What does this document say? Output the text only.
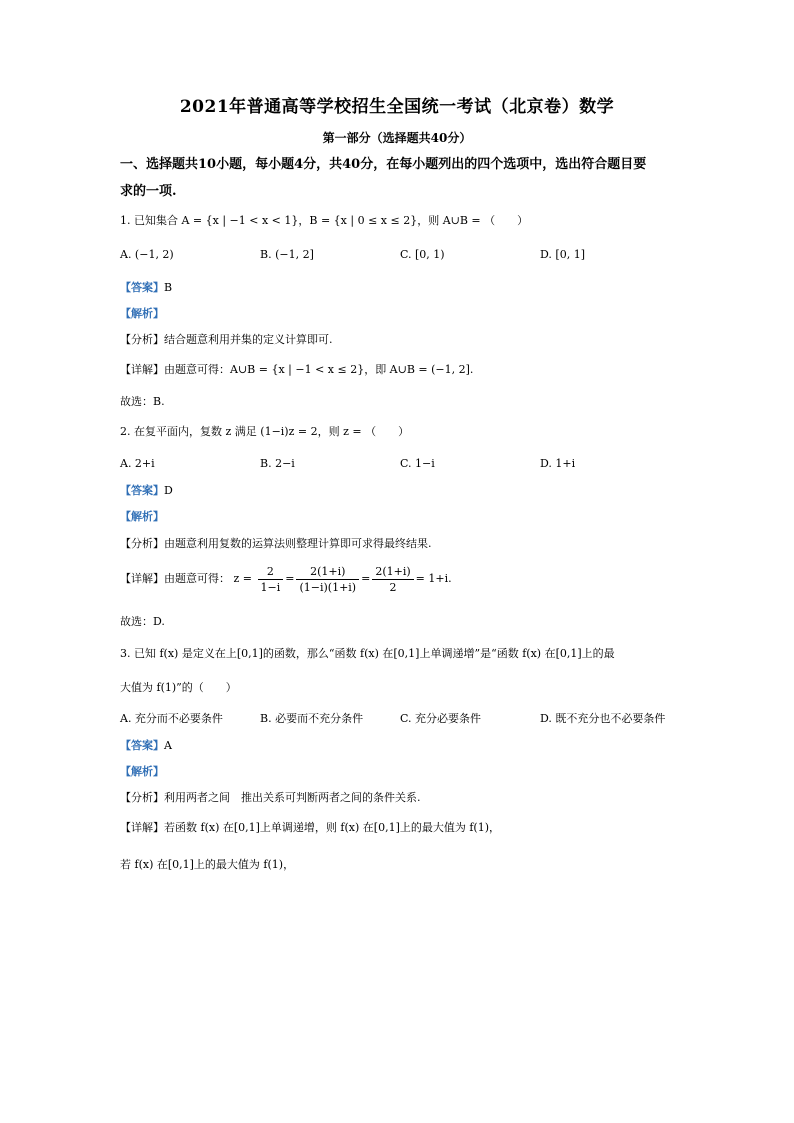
2021年普通高等学校招生全国统一考试（北京卷）数学
第一部分（选择题共40分）
一、选择题共10小题，每小题4分，共40分，在每小题列出的四个选项中，选出符合题目要
求的一项.
1. 已知集合 A = {x | −1 < x < 1}，B = {x | 0 ≤ x ≤ 2}，则 A∪B = （　　）
A. (−1, 2)	B. (−1, 2]	C. [0, 1)	D. [0, 1]
【答案】B
【解析】
【分析】结合题意利用并集的定义计算即可.
【详解】由题意可得：A∪B = {x | −1 < x ≤ 2}，即 A∪B = (−1, 2].
故选：B.
2. 在复平面内，复数 z 满足 (1−i)z = 2，则 z = （　　）
A. 2+i	B. 2−i	C. 1−i	D. 1+i
【答案】D
【解析】
【分析】由题意利用复数的运算法则整理计算即可求得最终结果.
【详解】由题意可得： $z = \frac{2}{1-i} = \frac{2(1+i)}{(1-i)(1+i)} = \frac{2(1+i)}{2} = 1+i$.
故选：D.
3. 已知 f(x) 是定义在上[0,1]的函数，那么“函数 f(x) 在[0,1]上单调递增”是“函数 f(x) 在[0,1]上的最
大值为 f(1)”的（　　）
A. 充分而不必要条件	B. 必要而不充分条件	C. 充分必要条件	D. 既不充分也不必要条件
【答案】A
【解析】
【分析】利用两者之间　推出关系可判断两者之间的条件关系.
【详解】若函数 f(x) 在[0,1]上单调递增，则 f(x) 在[0,1]上的最大值为 f(1)，
若 f(x) 在[0,1]上的最大值为 f(1)，
